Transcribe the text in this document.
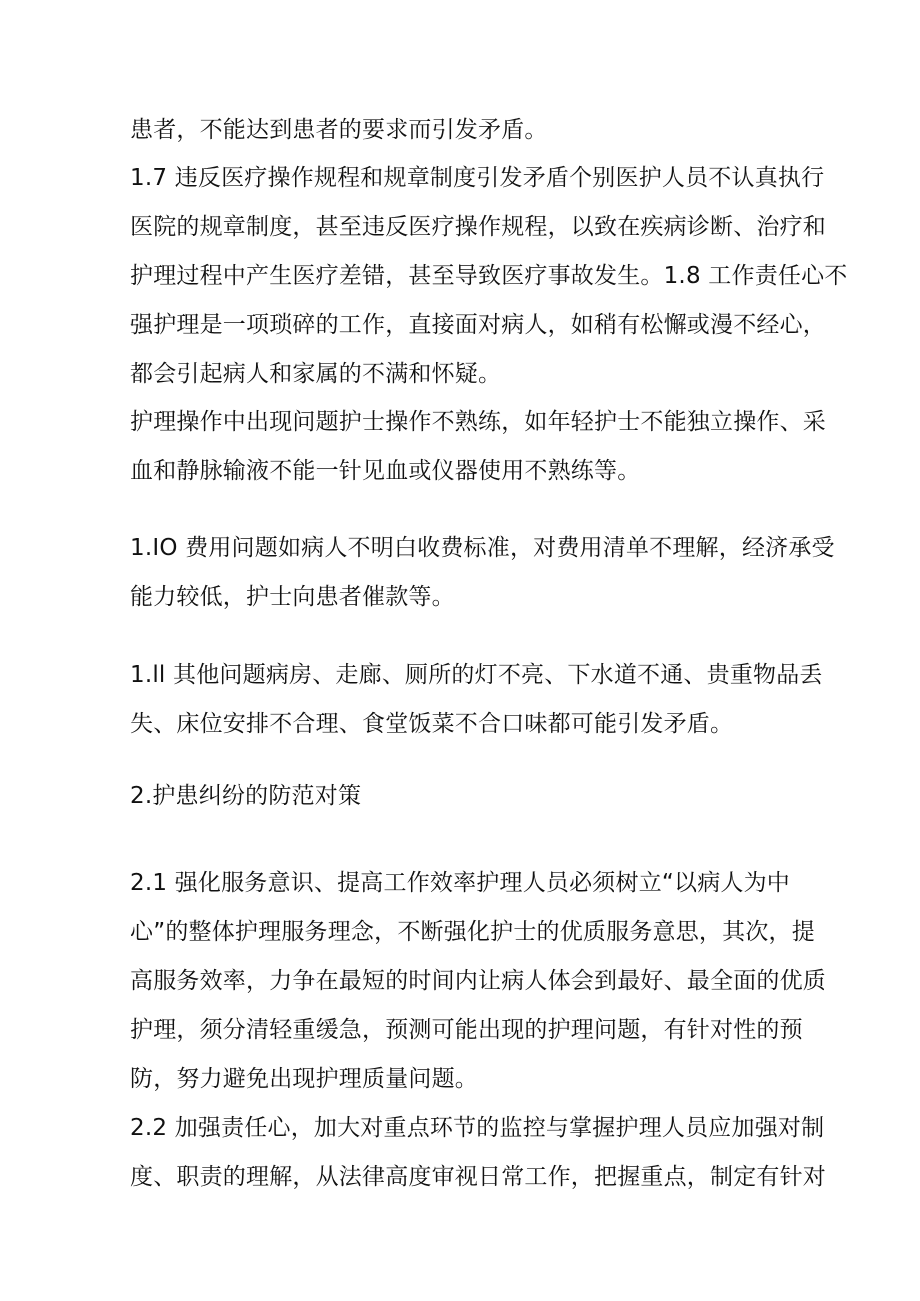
患者，不能达到患者的要求而引发矛盾。
1.7 违反医疗操作规程和规章制度引发矛盾个别医护人员不认真执行
医院的规章制度，甚至违反医疗操作规程，以致在疾病诊断、治疗和
护理过程中产生医疗差错，甚至导致医疗事故发生。1.8 工作责任心不
强护理是一项琐碎的工作，直接面对病人，如稍有松懈或漫不经心，
都会引起病人和家属的不满和怀疑。
护理操作中出现问题护士操作不熟练，如年轻护士不能独立操作、采
血和静脉输液不能一针见血或仪器使用不熟练等。
1.IO 费用问题如病人不明白收费标准，对费用清单不理解，经济承受
能力较低，护士向患者催款等。
1.ll 其他问题病房、走廊、厕所的灯不亮、下水道不通、贵重物品丢
失、床位安排不合理、食堂饭菜不合口味都可能引发矛盾。
2.护患纠纷的防范对策
2.1 强化服务意识、提高工作效率护理人员必须树立“以病人为中
心”的整体护理服务理念，不断强化护士的优质服务意思，其次，提
高服务效率，力争在最短的时间内让病人体会到最好、最全面的优质
护理，须分清轻重缓急，预测可能出现的护理问题，有针对性的预
防，努力避免出现护理质量问题。
2.2 加强责任心，加大对重点环节的监控与掌握护理人员应加强对制
度、职责的理解，从法律高度审视日常工作，把握重点，制定有针对
